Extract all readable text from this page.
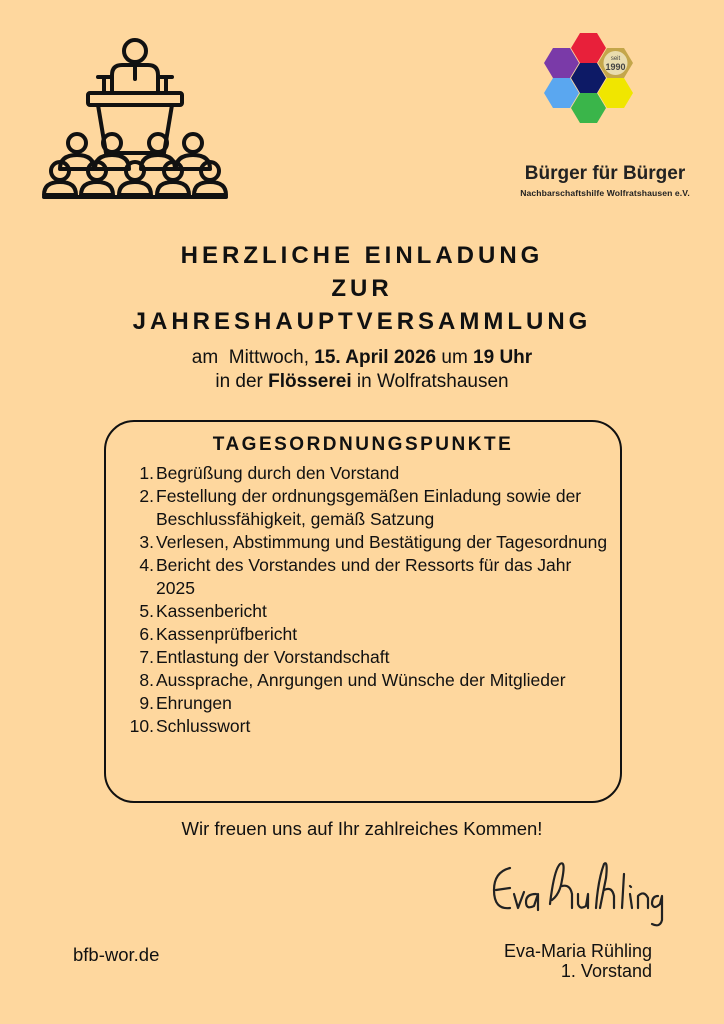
seit
1990
Bürger für Bürger
Nachbarschaftshilfe Wolfratshausen e.V.
HERZLICHE EINLADUNG
ZUR
JAHRESHAUPTVERSAMMLUNG
am  Mittwoch, 15. April 2026 um 19 Uhr
in der Flösserei in Wolfratshausen
TAGESORDNUNGSPUNKTE
1. Begrüßung durch den Vorstand
2. Festellung der ordnungsgemäßen Einladung sowie der Beschlussfähigkeit, gemäß Satzung
3. Verlesen, Abstimmung und Bestätigung der Tagesordnung
4. Bericht des Vorstandes und der Ressorts für das Jahr 2025
5. Kassenbericht
6. Kassenprüfbericht
7. Entlastung der Vorstandschaft
8. Aussprache, Anrgungen und Wünsche der Mitglieder
9. Ehrungen
10. Schlusswort
Wir freuen uns auf Ihr zahlreiches Kommen!
bfb-wor.de	Eva-Maria Rühling
1. Vorstand
